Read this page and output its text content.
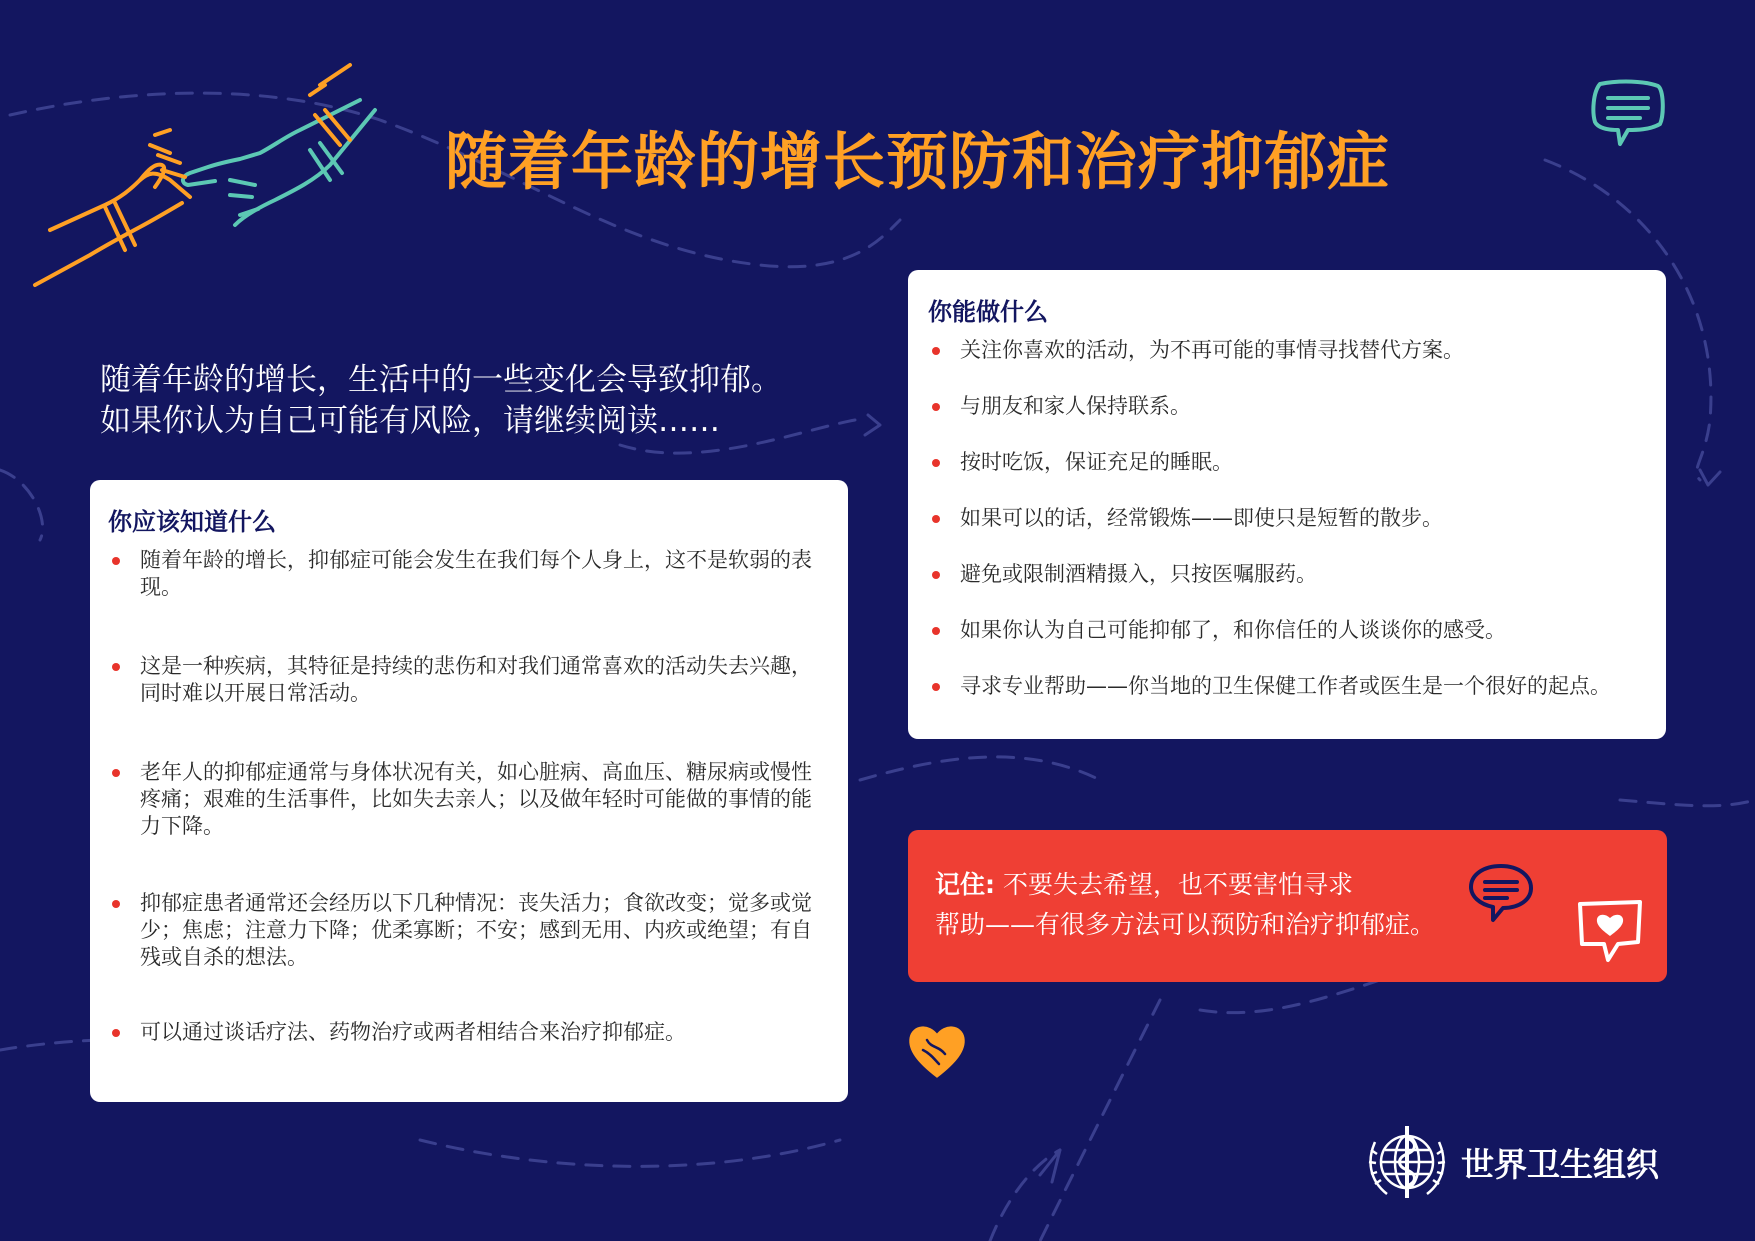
随着年龄的增长预防和治疗抑郁症
随着年龄的增长，生活中的一些变化会导致抑郁。
如果你认为自己可能有风险，请继续阅读……
你应该知道什么
随着年龄的增长，抑郁症可能会发生在我们每个人身上，这不是软弱的表现。
这是一种疾病，其特征是持续的悲伤和对我们通常喜欢的活动失去兴趣，同时难以开展日常活动。
老年人的抑郁症通常与身体状况有关，如心脏病、高血压、糖尿病或慢性疼痛；艰难的生活事件，比如失去亲人；以及做年轻时可能做的事情的能力下降。
抑郁症患者通常还会经历以下几种情况：丧失活力；食欲改变；觉多或觉少；焦虑；注意力下降；优柔寡断；不安；感到无用、内疚或绝望；有自残或自杀的想法。
可以通过谈话疗法、药物治疗或两者相结合来治疗抑郁症。
你能做什么
关注你喜欢的活动，为不再可能的事情寻找替代方案。
与朋友和家人保持联系。
按时吃饭，保证充足的睡眠。
如果可以的话，经常锻炼——即使只是短暂的散步。
避免或限制酒精摄入，只按医嘱服药。
如果你认为自己可能抑郁了，和你信任的人谈谈你的感受。
寻求专业帮助——你当地的卫生保健工作者或医生是一个很好的起点。
记住: 不要失去希望，也不要害怕寻求
帮助——有很多方法可以预防和治疗抑郁症。
世界卫生组织
